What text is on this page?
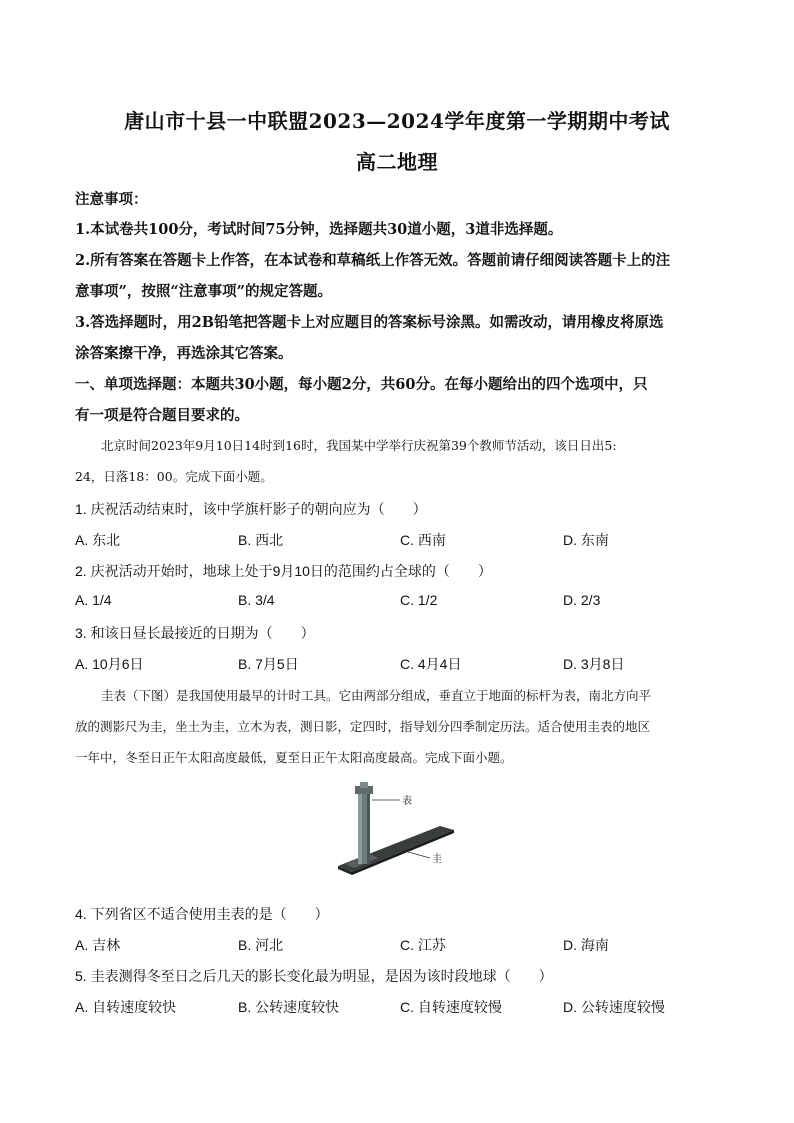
唐山市十县一中联盟2023—2024学年度第一学期期中考试
高二地理
注意事项：
1.本试卷共100分，考试时间75分钟，选择题共30道小题，3道非选择题。
2.所有答案在答题卡上作答，在本试卷和草稿纸上作答无效。答题前请仔细阅读答题卡上的注
意事项”，按照“注意事项”的规定答题。
3.答选择题时，用2B铅笔把答题卡上对应题目的答案标号涂黑。如需改动，请用橡皮将原选
涂答案擦干净，再选涂其它答案。
一、单项选择题：本题共30小题，每小题2分，共60分。在每小题给出的四个选项中，只
有一项是符合题目要求的。
北京时间2023年9月10日14时到16时，我国某中学举行庆祝第39个教师节活动，该日日出5:
24，日落18：00。完成下面小题。
1. 庆祝活动结束时，该中学旗杆影子的朝向应为（　　）
A. 东北	B. 西北	C. 西南	D. 东南
2. 庆祝活动开始时，地球上处于9月10日的范围约占全球的（　　）
A. 1/4	B. 3/4	C. 1/2	D. 2/3
3. 和该日昼长最接近的日期为（　　）
A. 10月6日	B. 7月5日	C. 4月4日	D. 3月8日
圭表（下图）是我国使用最早的计时工具。它由两部分组成，垂直立于地面的标杆为表，南北方向平
放的测影尺为圭，坐土为圭，立木为表，测日影，定四时，指导划分四季制定历法。适合使用圭表的地区
一年中，冬至日正午太阳高度最低，夏至日正午太阳高度最高。完成下面小题。
表
圭
4. 下列省区不适合使用圭表的是（　　）
A. 吉林	B. 河北	C. 江苏	D. 海南
5. 圭表测得冬至日之后几天的影长变化最为明显，是因为该时段地球（　　）
A. 自转速度较快	B. 公转速度较快	C. 自转速度较慢	D. 公转速度较慢
